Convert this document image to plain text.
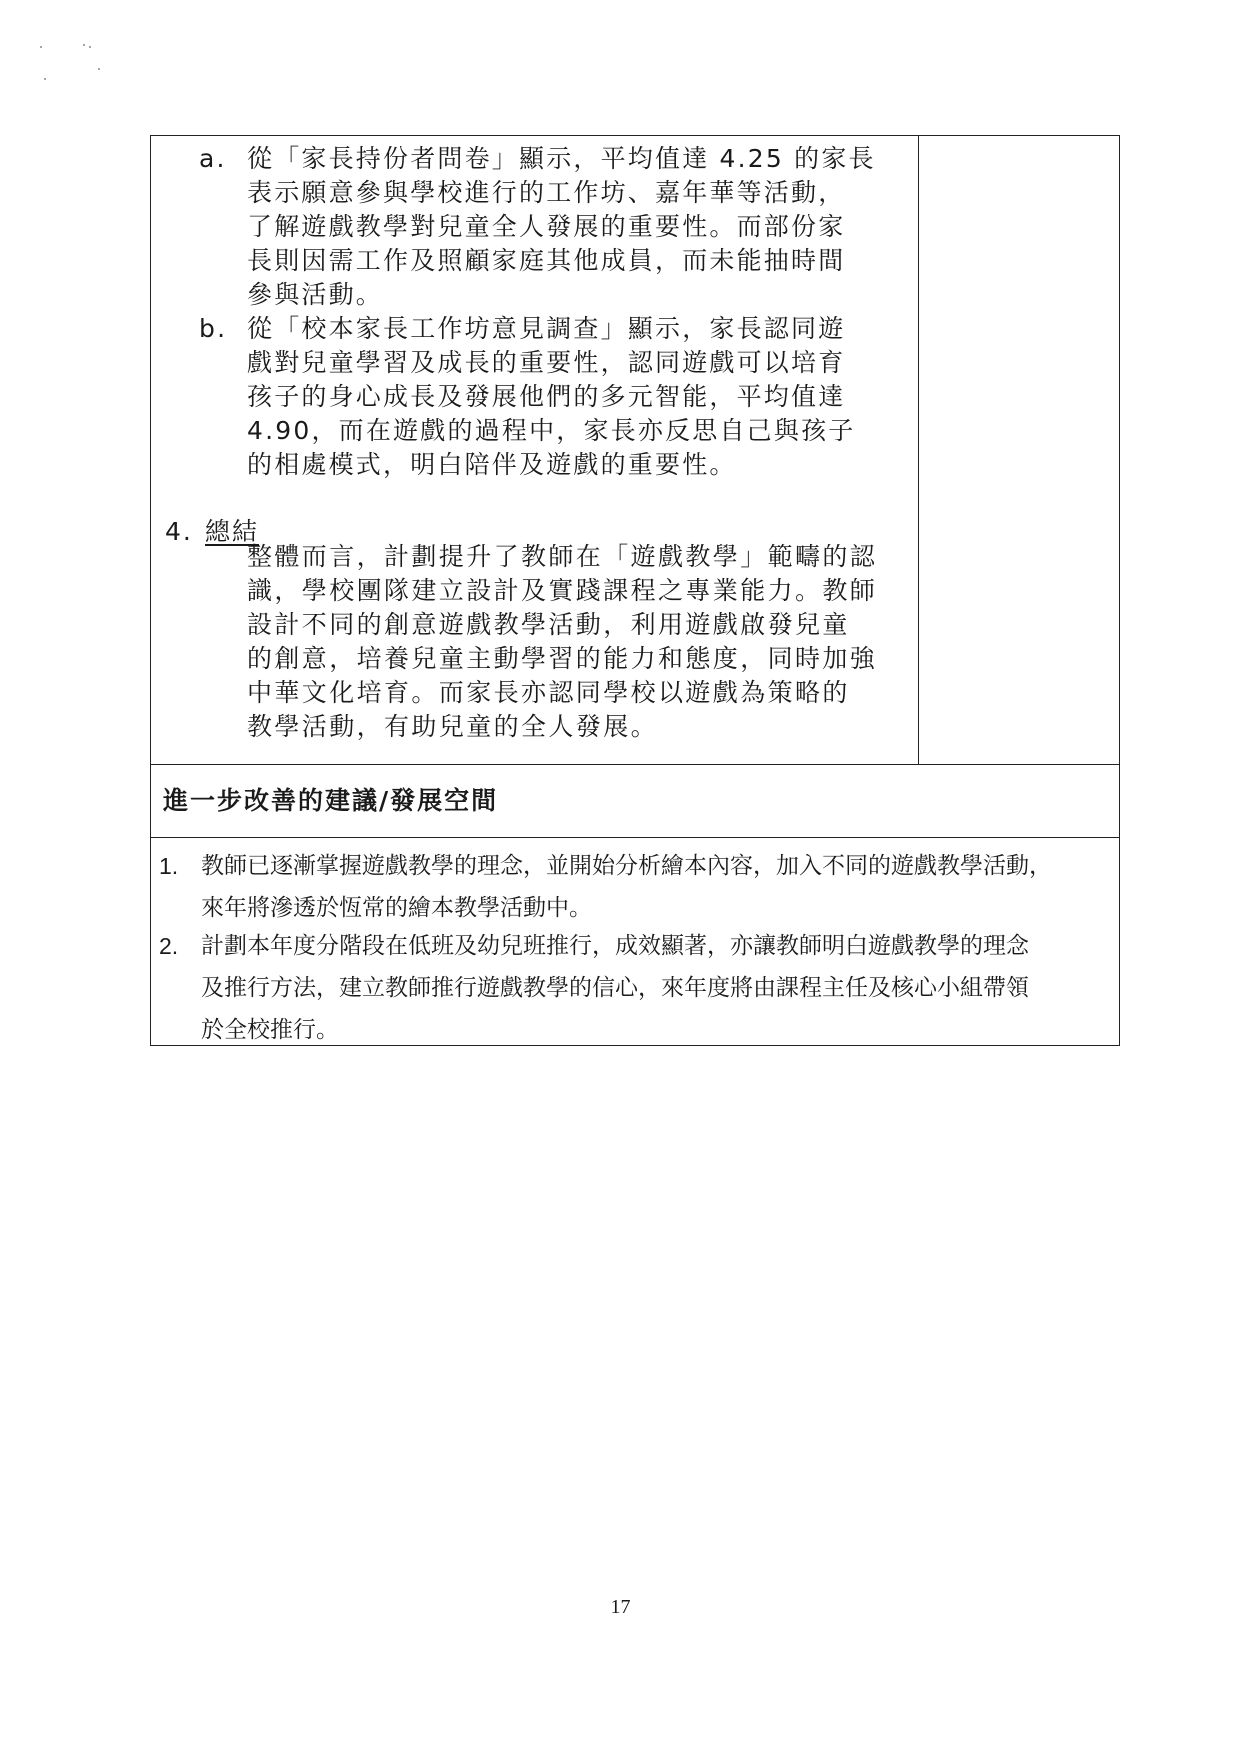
a. 從「家長持份者問卷」顯示，平均值達 4.25 的家長
表示願意參與學校進行的工作坊、嘉年華等活動，
了解遊戲教學對兒童全人發展的重要性。而部份家
長則因需工作及照顧家庭其他成員，而未能抽時間
參與活動。
b. 從「校本家長工作坊意見調查」顯示，家長認同遊
戲對兒童學習及成長的重要性，認同遊戲可以培育
孩子的身心成長及發展他們的多元智能，平均值達
4.90，而在遊戲的過程中，家長亦反思自己與孩子
的相處模式，明白陪伴及遊戲的重要性。
4. 總結
整體而言，計劃提升了教師在「遊戲教學」範疇的認
識，學校團隊建立設計及實踐課程之專業能力。教師
設計不同的創意遊戲教學活動，利用遊戲啟發兒童
的創意，培養兒童主動學習的能力和態度，同時加強
中華文化培育。而家長亦認同學校以遊戲為策略的
教學活動，有助兒童的全人發展。
進一步改善的建議/發展空間
1. 教師已逐漸掌握遊戲教學的理念，並開始分析繪本內容，加入不同的遊戲教學活動，
來年將滲透於恆常的繪本教學活動中。
2. 計劃本年度分階段在低班及幼兒班推行，成效顯著，亦讓教師明白遊戲教學的理念
及推行方法，建立教師推行遊戲教學的信心，來年度將由課程主任及核心小組帶領
於全校推行。
17
